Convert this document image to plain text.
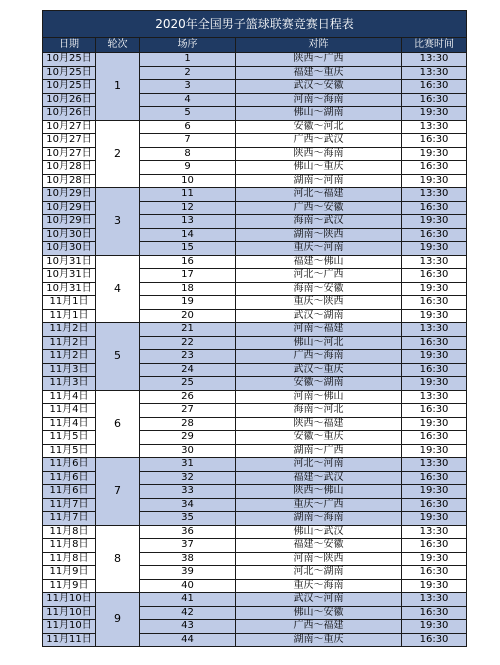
2020年全国男子篮球联赛竞赛日程表				
日期	轮次	场序	对阵	比赛时间
10月25日	1	1	陕西～广西	13:30
10月25日		2	福建～重庆	13:30
10月25日		3	武汉～安徽	16:30
10月26日		4	河南～海南	16:30
10月26日		5	佛山～湖南	19:30
10月27日	2	6	安徽～河北	13:30
10月27日		7	广西～武汉	16:30
10月27日		8	陕西～海南	19:30
10月28日		9	佛山～重庆	16:30
10月28日		10	湖南～河南	19:30
10月29日	3	11	河北～福建	13:30
10月29日		12	广西～安徽	16:30
10月29日		13	海南～武汉	19:30
10月30日		14	湖南～陕西	16:30
10月30日		15	重庆～河南	19:30
10月31日	4	16	福建～佛山	13:30
10月31日		17	河北～广西	16:30
10月31日		18	海南～安徽	19:30
11月1日		19	重庆～陕西	16:30
11月1日		20	武汉～湖南	19:30
11月2日	5	21	河南～福建	13:30
11月2日		22	佛山～河北	16:30
11月2日		23	广西～海南	19:30
11月3日		24	武汉～重庆	16:30
11月3日		25	安徽～湖南	19:30
11月4日	6	26	河南～佛山	13:30
11月4日		27	海南～河北	16:30
11月4日		28	陕西～福建	19:30
11月5日		29	安徽～重庆	16:30
11月5日		30	湖南～广西	19:30
11月6日	7	31	河北～河南	13:30
11月6日		32	福建～武汉	16:30
11月6日		33	陕西～佛山	19:30
11月7日		34	重庆～广西	16:30
11月7日		35	湖南～海南	19:30
11月8日	8	36	佛山～武汉	13:30
11月8日		37	福建～安徽	16:30
11月8日		38	河南～陕西	19:30
11月9日		39	河北～湖南	16:30
11月9日		40	重庆～海南	19:30
11月10日	9	41	武汉～河南	13:30
11月10日		42	佛山～安徽	16:30
11月10日		43	广西～福建	19:30
11月11日		44	湖南～重庆	16:30
